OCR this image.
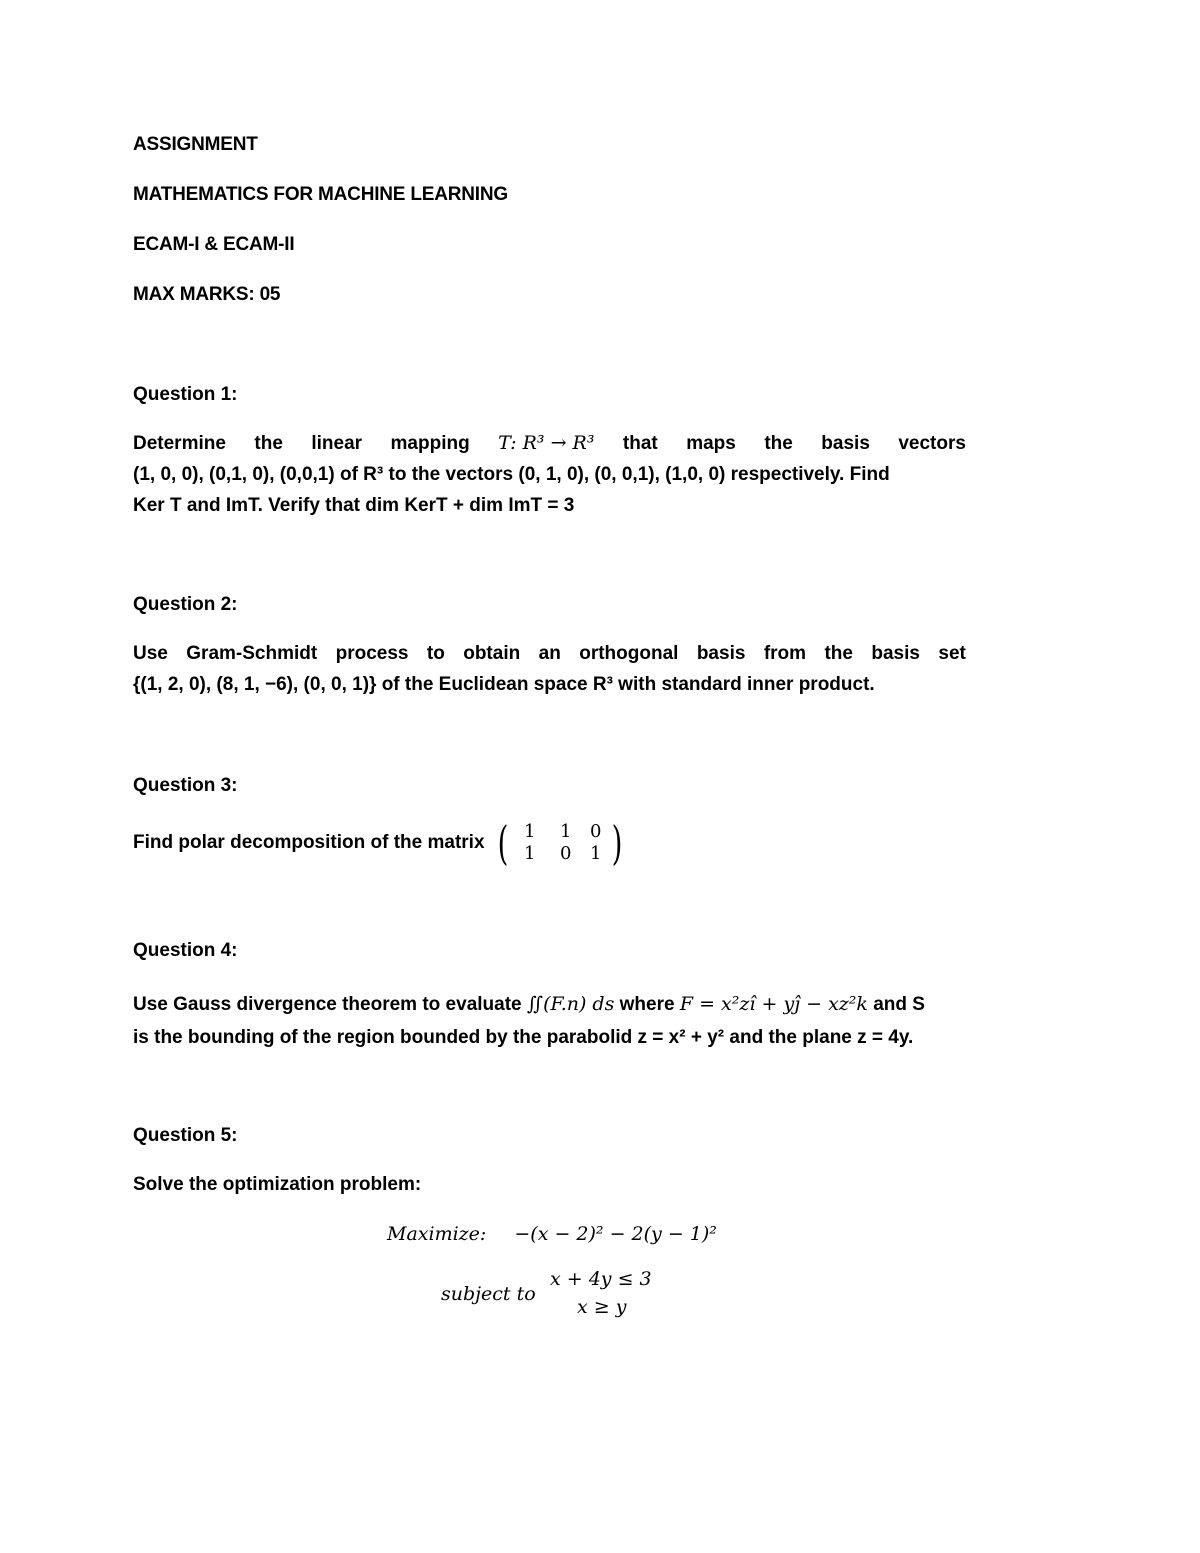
ASSIGNMENT
MATHEMATICS FOR MACHINE LEARNING
ECAM-I & ECAM-II
MAX MARKS: 05
Question 1:
Determine the linear mapping T: R³ → R³ that maps the basis vectors
(1, 0, 0), (0,1, 0), (0,0,1) of R³ to the vectors (0, 1, 0), (0, 0,1), (1,0, 0) respectively. Find
Ker T and ImT. Verify that dim KerT + dim ImT = 3
Question 2:
Use Gram-Schmidt process to obtain an orthogonal basis from the basis set
{(1, 2, 0), (8, 1, −6), (0, 0, 1)} of the Euclidean space R³ with standard inner product.
Question 3:
Find polar decomposition of the matrix ( 1	1	0
1	0	1 )
Question 4:
Use Gauss divergence theorem to evaluate ∬(F.n) ds where F = x²zî + yĵ − xz²k and S
is the bounding of the region bounded by the parabolid z = x² + y² and the plane z = 4y.
Question 5:
Solve the optimization problem:
Maximize: −(x − 2)² − 2(y − 1)²
subject to
x + 4y ≤ 3
x ≥ y
